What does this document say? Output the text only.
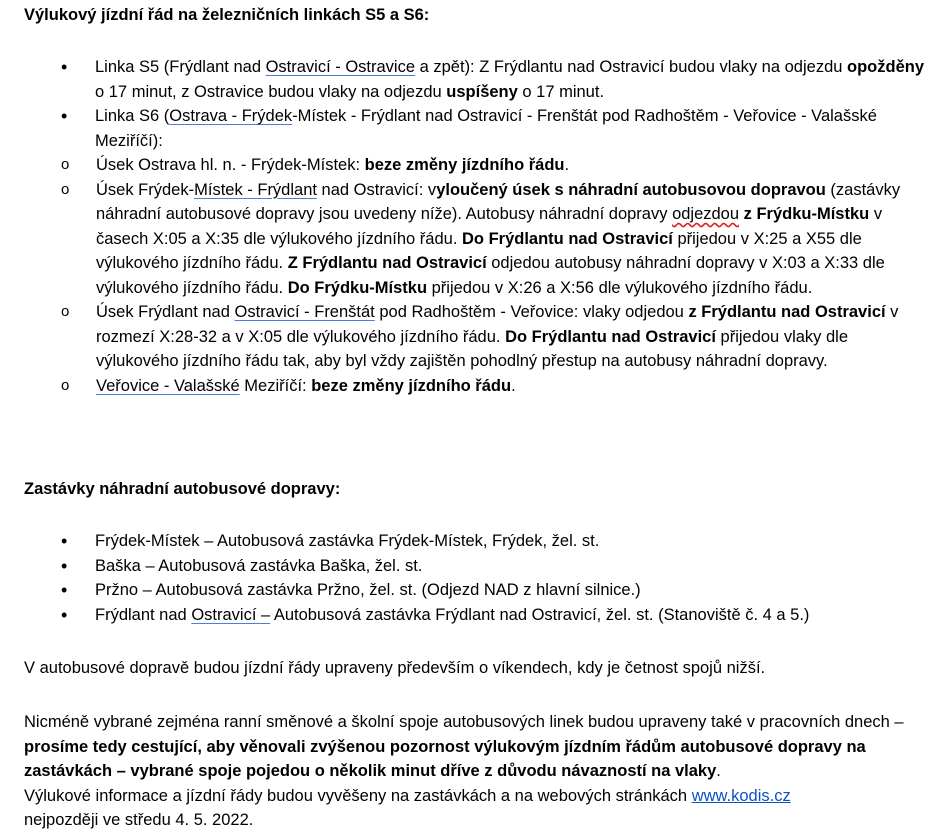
Výlukový jízdní řád na železničních linkách S5 a S6:

• Linka S5 (Frýdlant nad Ostravicí - Ostravice a zpět): Z Frýdlantu nad Ostravicí budou vlaky na odjezdu opožděny o 17 minut, z Ostravice budou vlaky na odjezdu uspíšeny o 17 minut.
• Linka S6 (Ostrava - Frýdek-Místek - Frýdlant nad Ostravicí - Frenštát pod Radhoštěm - Veřovice - Valašské Meziříčí):
o Úsek Ostrava hl. n. - Frýdek-Místek: beze změny jízdního řádu.
o Úsek Frýdek-Místek - Frýdlant nad Ostravicí: vyloučený úsek s náhradní autobusovou dopravou (zastávky náhradní autobusové dopravy jsou uvedeny níže). Autobusy náhradní dopravy odjezdou z Frýdku-Místku v časech X:05 a X:35 dle výlukového jízdního řádu. Do Frýdlantu nad Ostravicí přijedou v X:25 a X55 dle výlukového jízdního řádu. Z Frýdlantu nad Ostravicí odjedou autobusy náhradní dopravy v X:03 a X:33 dle výlukového jízdního řádu. Do Frýdku-Místku přijedou v X:26 a X:56 dle výlukového jízdního řádu.
o Úsek Frýdlant nad Ostravicí - Frenštát pod Radhoštěm - Veřovice: vlaky odjedou z Frýdlantu nad Ostravicí v rozmezí X:28-32 a v X:05 dle výlukového jízdního řádu. Do Frýdlantu nad Ostravicí přijedou vlaky dle výlukového jízdního řádu tak, aby byl vždy zajištěn pohodlný přestup na autobusy náhradní dopravy.
o Veřovice - Valašské Meziříčí: beze změny jízdního řádu.

Zastávky náhradní autobusové dopravy:

• Frýdek-Místek – Autobusová zastávka Frýdek-Místek, Frýdek, žel. st.
• Baška – Autobusová zastávka Baška, žel. st.
• Pržno – Autobusová zastávka Pržno, žel. st. (Odjezd NAD z hlavní silnice.)
• Frýdlant nad Ostravicí – Autobusová zastávka Frýdlant nad Ostravicí, žel. st. (Stanoviště č. 4 a 5.)

V autobusové dopravě budou jízdní řády upraveny především o víkendech, kdy je četnost spojů nižší.

Nicméně vybrané zejména ranní směnové a školní spoje autobusových linek budou upraveny také v pracovních dnech – prosíme tedy cestující, aby věnovali zvýšenou pozornost výlukovým jízdním řádům autobusové dopravy na zastávkách – vybrané spoje pojedou o několik minut dříve z důvodu návazností na vlaky.
Výlukové informace a jízdní řády budou vyvěšeny na zastávkách a na webových stránkách www.kodis.cz
nejpozději ve středu 4. 5. 2022.
